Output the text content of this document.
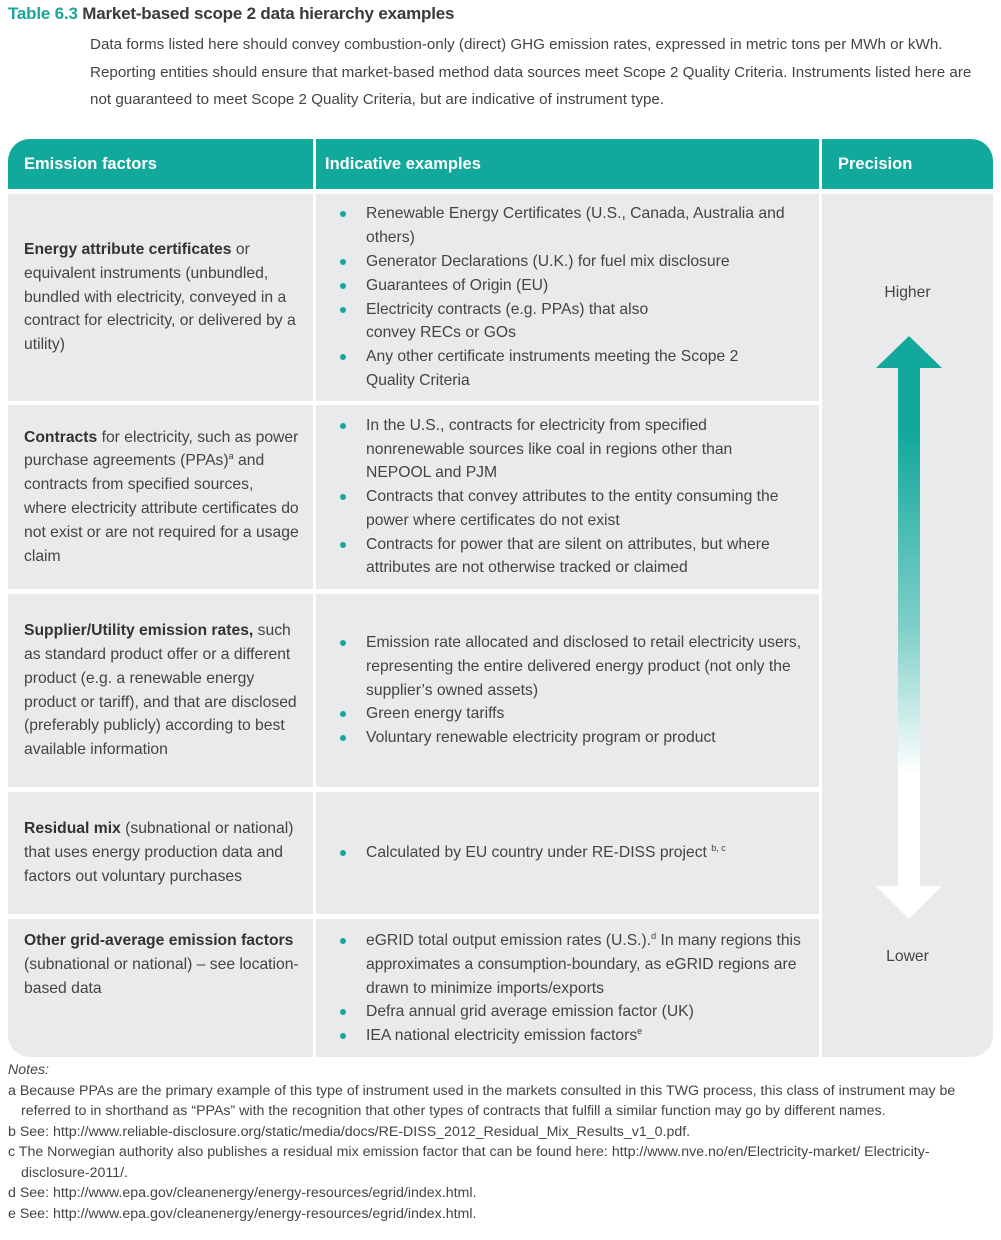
Table 6.3 Market-based scope 2 data hierarchy examples
Data forms listed here should convey combustion-only (direct) GHG emission rates, expressed in metric tons per MWh or kWh. Reporting entities should ensure that market-based method data sources meet Scope 2 Quality Criteria. Instruments listed here are not guaranteed to meet Scope 2 Quality Criteria, but are indicative of instrument type.
Emission factors	Indicative examples	Precision
Energy attribute certificates or equivalent instruments (unbundled, bundled with electricity, conveyed in a contract for electricity, or delivered by a utility)
Renewable Energy Certificates (U.S., Canada, Australia and others)
Generator Declarations (U.K.) for fuel mix disclosure
Guarantees of Origin (EU)
Electricity contracts (e.g. PPAs) that also convey RECs or GOs
Any other certificate instruments meeting the Scope 2 Quality Criteria
Contracts for electricity, such as power purchase agreements (PPAs)$^a$ and contracts from specified sources, where electricity attribute certificates do not exist or are not required for a usage claim
In the U.S., contracts for electricity from specified nonrenewable sources like coal in regions other than NEPOOL and PJM
Contracts that convey attributes to the entity consuming the power where certificates do not exist
Contracts for power that are silent on attributes, but where attributes are not otherwise tracked or claimed
Supplier/Utility emission rates, such as standard product offer or a different product (e.g. a renewable energy product or tariff), and that are disclosed (preferably publicly) according to best available information
Emission rate allocated and disclosed to retail electricity users, representing the entire delivered energy product (not only the supplier’s owned assets)
Green energy tariffs
Voluntary renewable electricity program or product
Residual mix (subnational or national) that uses energy production data and factors out voluntary purchases
Calculated by EU country under RE-DISS project $^{b, c}$
Other grid-average emission factors (subnational or national) – see location-based data
eGRID total output emission rates (U.S.).$^d$ In many regions this approximates a consumption-boundary, as eGRID regions are drawn to minimize imports/exports
Defra annual grid average emission factor (UK)
IEA national electricity emission factors$^e$
Higher
Lower
Notes:
a Because PPAs are the primary example of this type of instrument used in the markets consulted in this TWG process, this class of instrument may be referred to in shorthand as “PPAs” with the recognition that other types of contracts that fulfill a similar function may go by different names.
b See: http://www.reliable-disclosure.org/static/media/docs/RE-DISS_2012_Residual_Mix_Results_v1_0.pdf.
c The Norwegian authority also publishes a residual mix emission factor that can be found here: http://www.nve.no/en/Electricity-market/ Electricity-disclosure-2011/.
d See: http://www.epa.gov/cleanenergy/energy-resources/egrid/index.html.
e See: http://www.epa.gov/cleanenergy/energy-resources/egrid/index.html.
